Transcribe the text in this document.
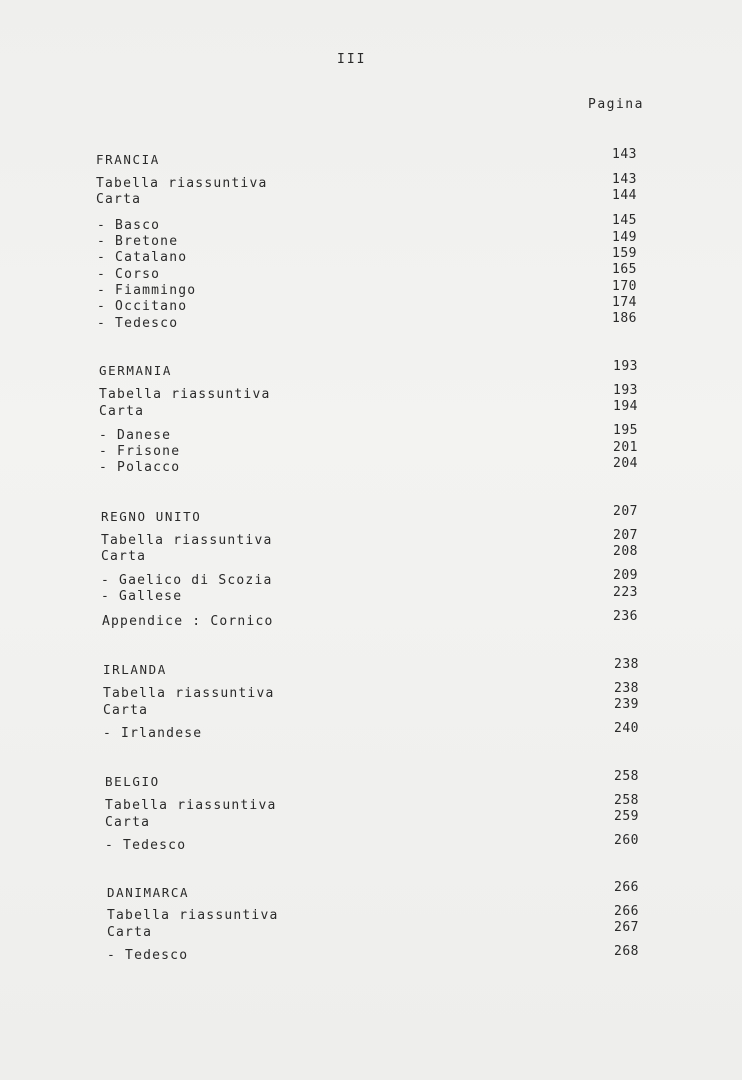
III
Pagina
FRANCIA	143
Tabella riassuntiva	143
Carta	144
- Basco	145
- Bretone	149
- Catalano	159
- Corso	165
- Fiammingo	170
- Occitano	174
- Tedesco	186
GERMANIA	193
Tabella riassuntiva	193
Carta	194
- Danese	195
- Frisone	201
- Polacco	204
REGNO UNITO	207
Tabella riassuntiva	207
Carta	208
- Gaelico di Scozia	209
- Gallese	223
Appendice : Cornico	236
IRLANDA	238
Tabella riassuntiva	238
Carta	239
- Irlandese	240
BELGIO	258
Tabella riassuntiva	258
Carta	259
- Tedesco	260
DANIMARCA	266
Tabella riassuntiva	266
Carta	267
- Tedesco	268
